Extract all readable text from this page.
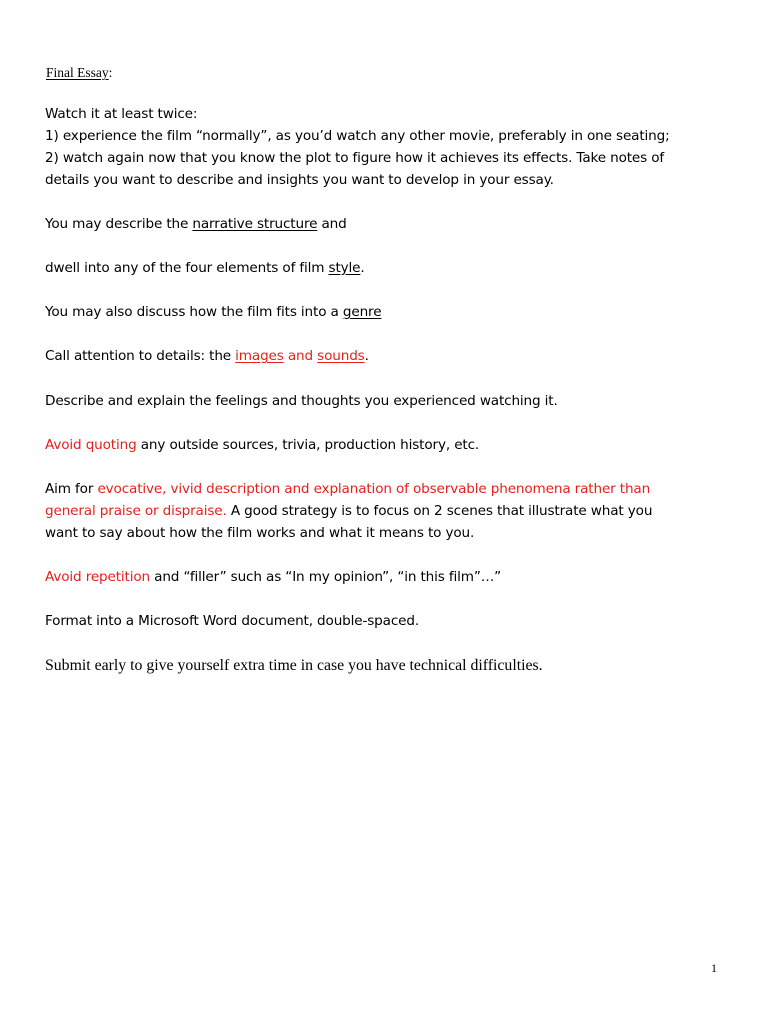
Final Essay:
Watch it at least twice:
1) experience the film “normally”, as you’d watch any other movie, preferably in one seating;
2) watch again now that you know the plot to figure how it achieves its effects. Take notes of
details you want to describe and insights you want to develop in your essay.
You may describe the narrative structure and
dwell into any of the four elements of film style.
You may also discuss how the film fits into a genre
Call attention to details: the images and sounds.
Describe and explain the feelings and thoughts you experienced watching it.
Avoid quoting any outside sources, trivia, production history, etc.
Aim for evocative, vivid description and explanation of observable phenomena rather than
general praise or dispraise. A good strategy is to focus on 2 scenes that illustrate what you
want to say about how the film works and what it means to you.
Avoid repetition and “filler” such as “In my opinion”, “in this film”…”
Format into a Microsoft Word document, double-spaced.
Submit early to give yourself extra time in case you have technical difficulties.
1
